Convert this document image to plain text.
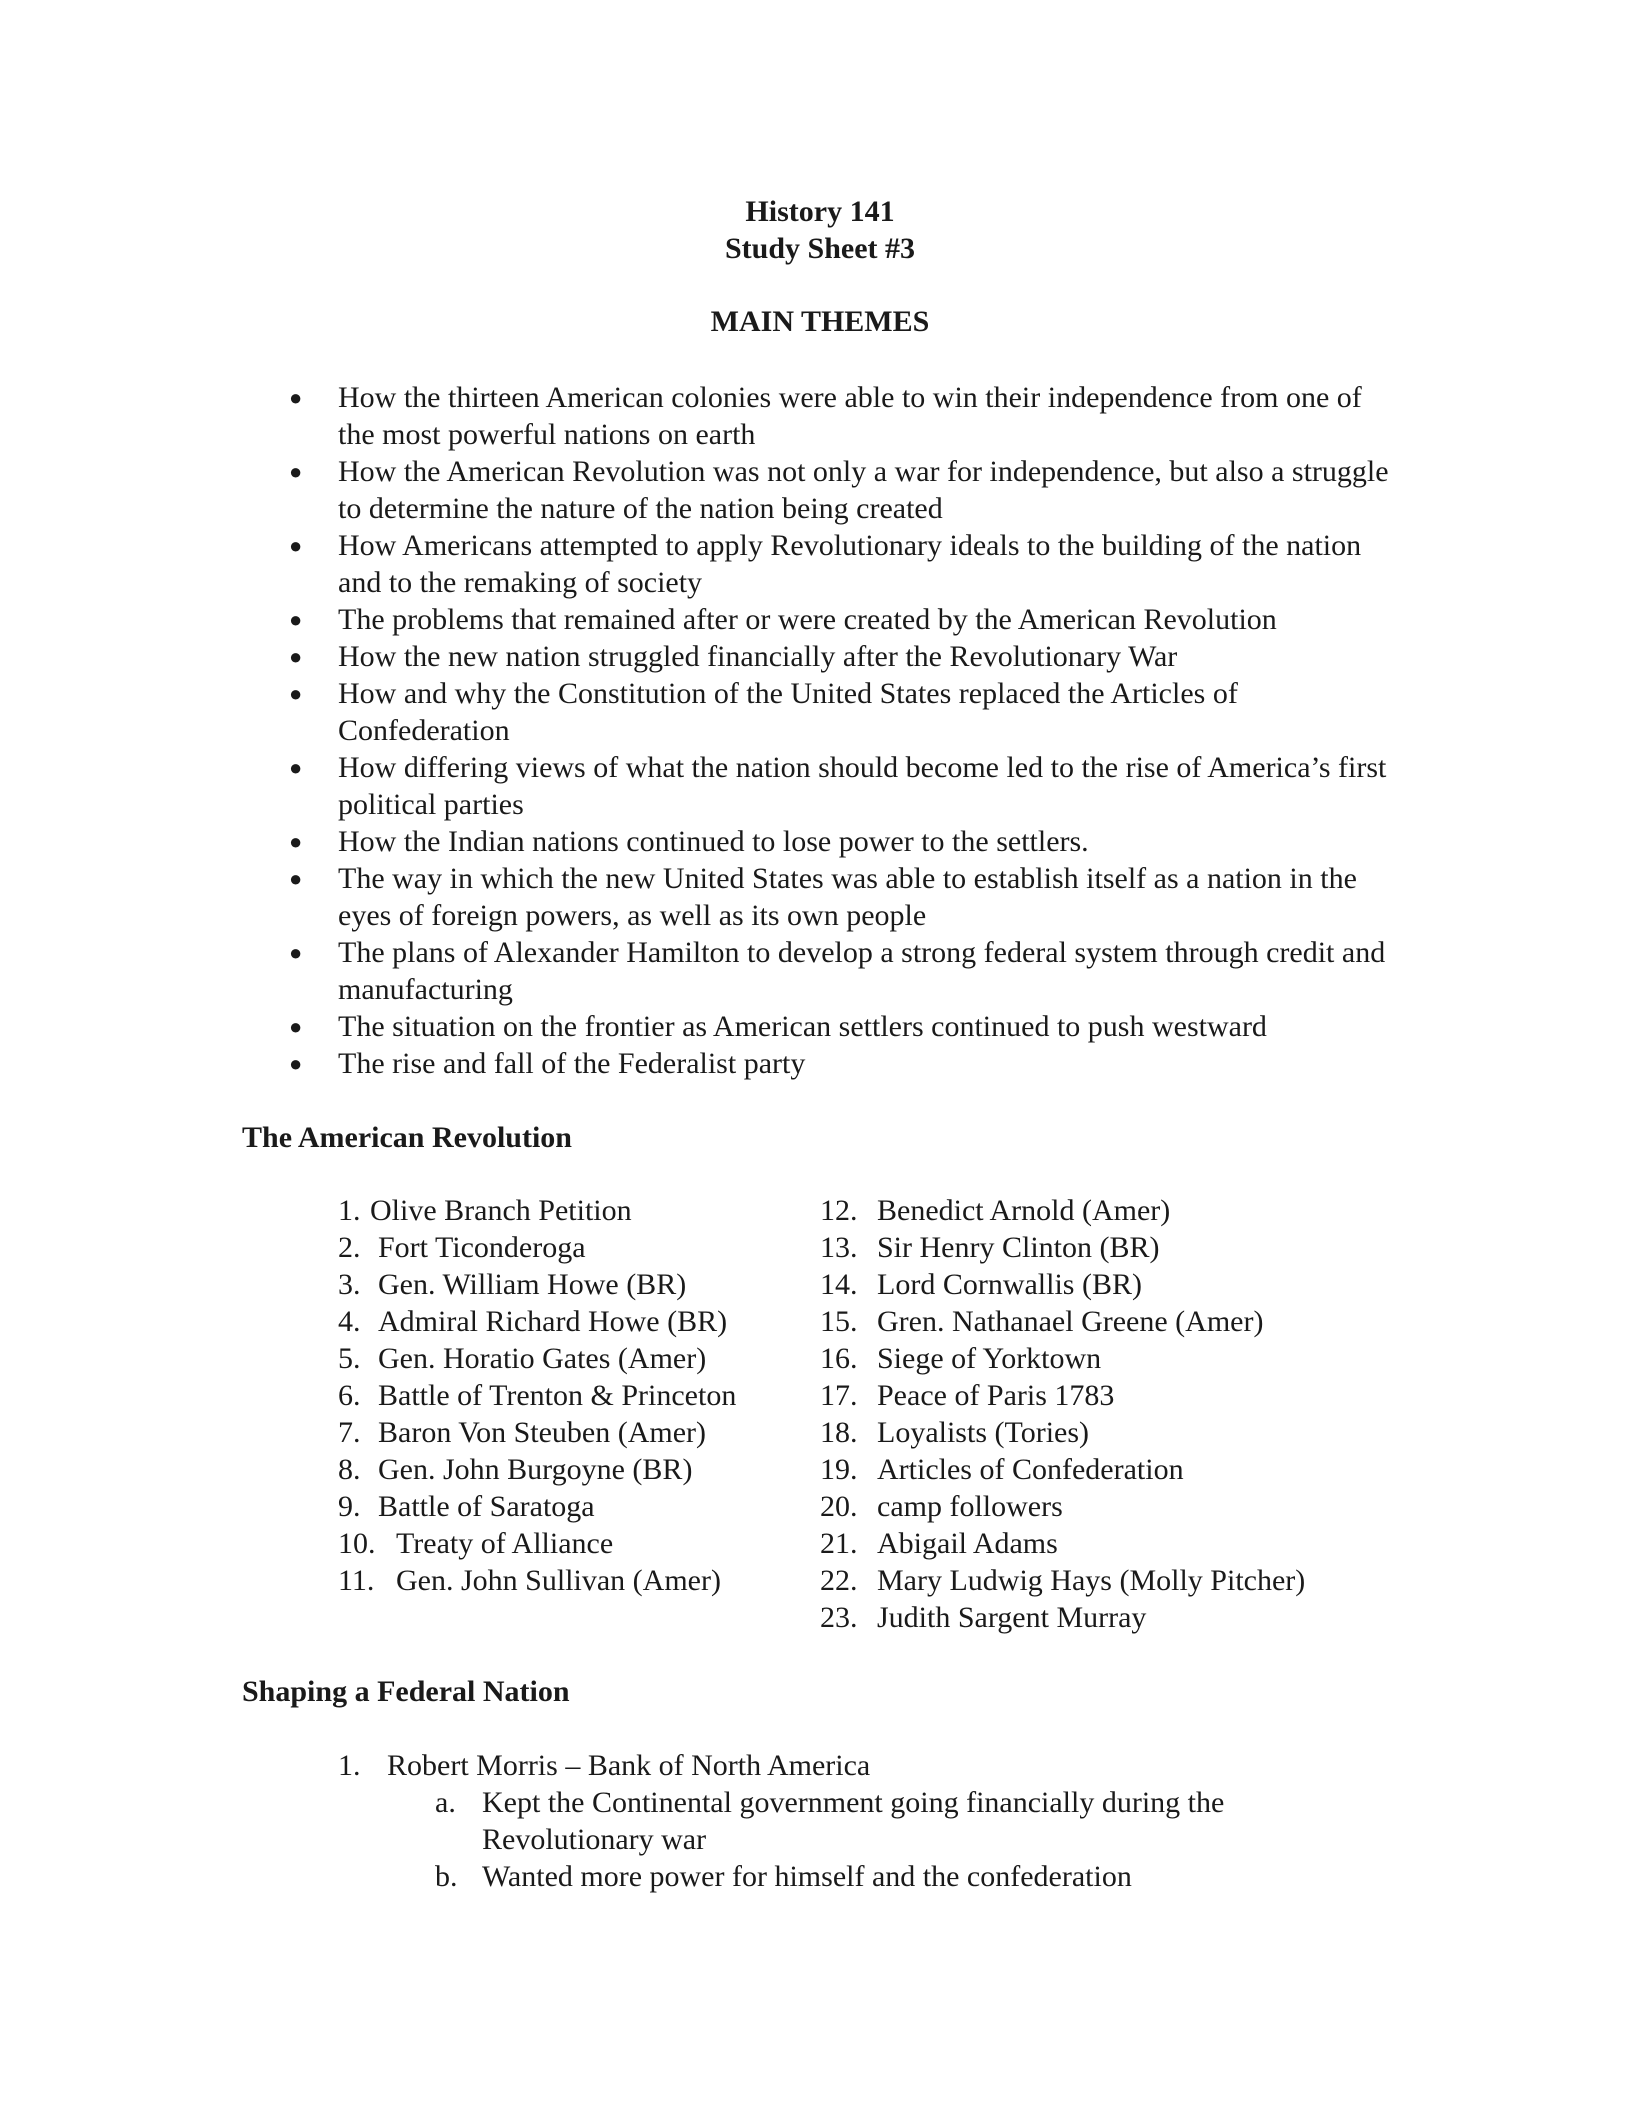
History 141
Study Sheet #3
MAIN THEMES
● How the thirteen American colonies were able to win their independence from one of the most powerful nations on earth
● How the American Revolution was not only a war for independence, but also a struggle to determine the nature of the nation being created
● How Americans attempted to apply Revolutionary ideals to the building of the nation and to the remaking of society
● The problems that remained after or were created by the American Revolution
● How the new nation struggled financially after the Revolutionary War
● How and why the Constitution of the United States replaced the Articles of Confederation
● How differing views of what the nation should become led to the rise of America’s first political parties
● How the Indian nations continued to lose power to the settlers.
● The way in which the new United States was able to establish itself as a nation in the eyes of foreign powers, as well as its own people
● The plans of Alexander Hamilton to develop a strong federal system through credit and manufacturing
● The situation on the frontier as American settlers continued to push westward
● The rise and fall of the Federalist party
The American Revolution
1. Olive Branch Petition
2. Fort Ticonderoga
3. Gen. William Howe (BR)
4. Admiral Richard Howe (BR)
5. Gen. Horatio Gates (Amer)
6. Battle of Trenton & Princeton
7. Baron Von Steuben (Amer)
8. Gen. John Burgoyne (BR)
9. Battle of Saratoga
10. Treaty of Alliance
11. Gen. John Sullivan (Amer)
12. Benedict Arnold (Amer)
13. Sir Henry Clinton (BR)
14. Lord Cornwallis (BR)
15. Gren. Nathanael Greene (Amer)
16. Siege of Yorktown
17. Peace of Paris 1783
18. Loyalists (Tories)
19. Articles of Confederation
20. camp followers
21. Abigail Adams
22. Mary Ludwig Hays (Molly Pitcher)
23. Judith Sargent Murray
Shaping a Federal Nation
1. Robert Morris – Bank of North America
a. Kept the Continental government going financially during the Revolutionary war
b. Wanted more power for himself and the confederation
